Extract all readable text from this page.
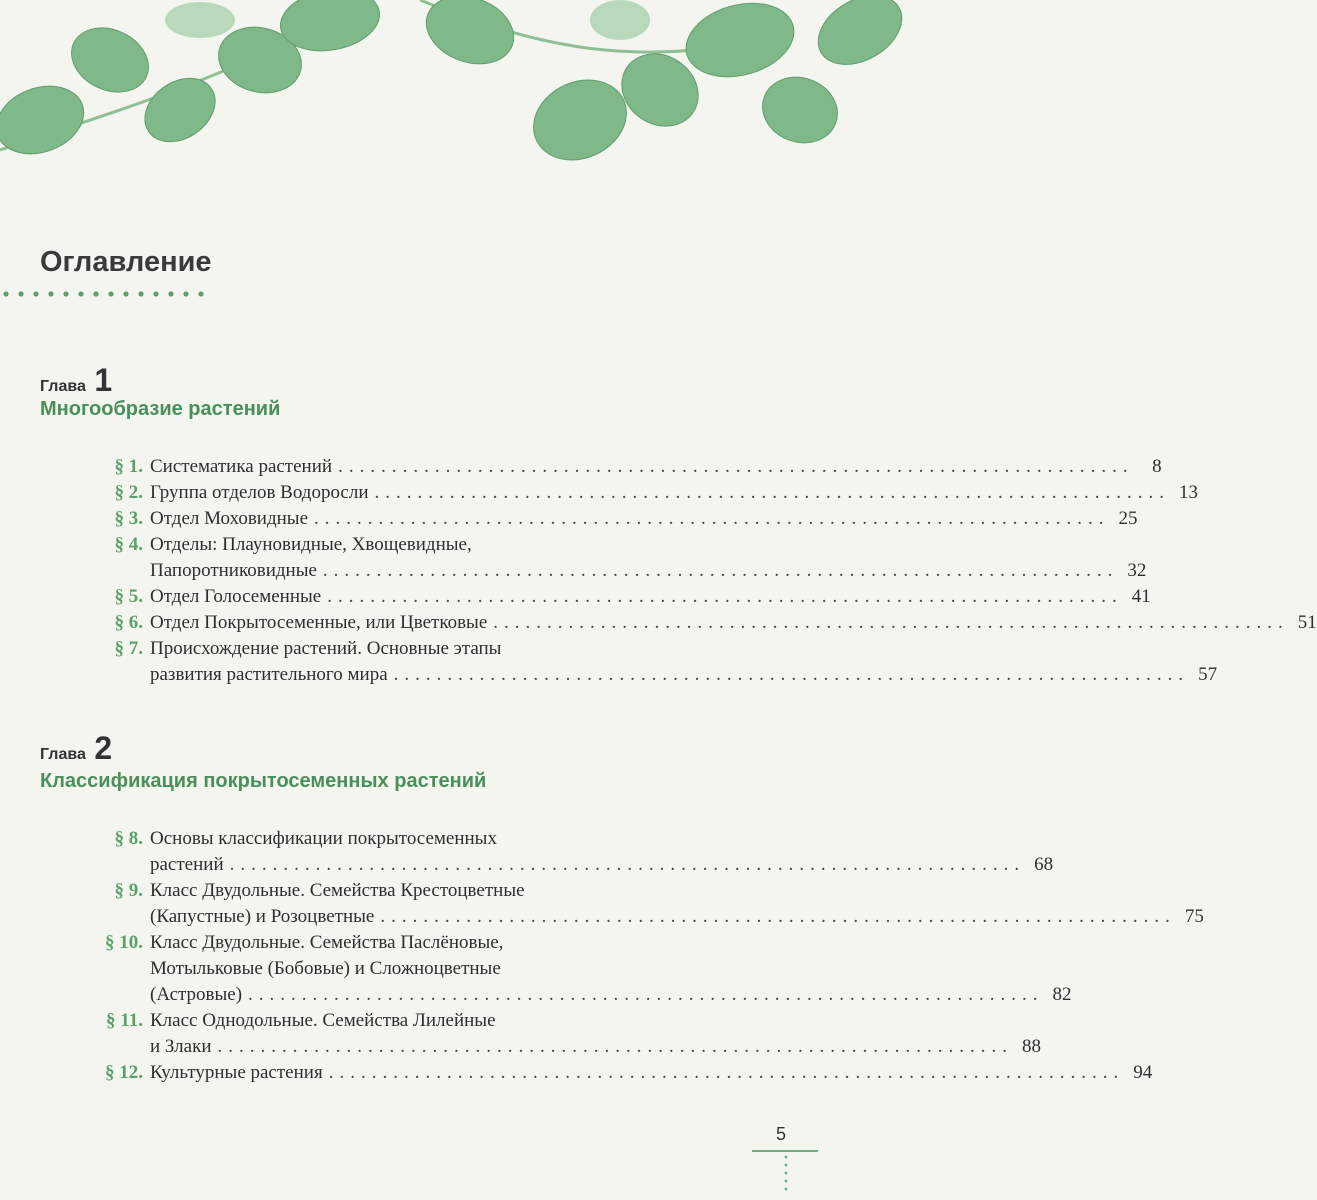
Оглавление
Глава 1
Многообразие растений
§ 1. Систематика растений .......................................................................... 8
§ 2. Группа отделов Водоросли .......................................................................... 13
§ 3. Отдел Моховидные .......................................................................... 25
§ 4. Отделы: Плауновидные, Хвощевидные,
Папоротниковидные .......................................................................... 32
§ 5. Отдел Голосеменные .......................................................................... 41
§ 6. Отдел Покрытосеменные, или Цветковые .......................................................................... 51
§ 7. Происхождение растений. Основные этапы
развития растительного мира .......................................................................... 57
Глава 2
Классификация покрытосеменных растений
§ 8. Основы классификации покрытосеменных
растений .......................................................................... 68
§ 9. Класс Двудольные. Семейства Крестоцветные
(Капустные) и Розоцветные .......................................................................... 75
§ 10. Класс Двудольные. Семейства Паслёновые,
Мотыльковые (Бобовые) и Сложноцветные
(Астровые) .......................................................................... 82
§ 11. Класс Однодольные. Семейства Лилейные
и Злаки .......................................................................... 88
§ 12. Культурные растения .......................................................................... 94
5
